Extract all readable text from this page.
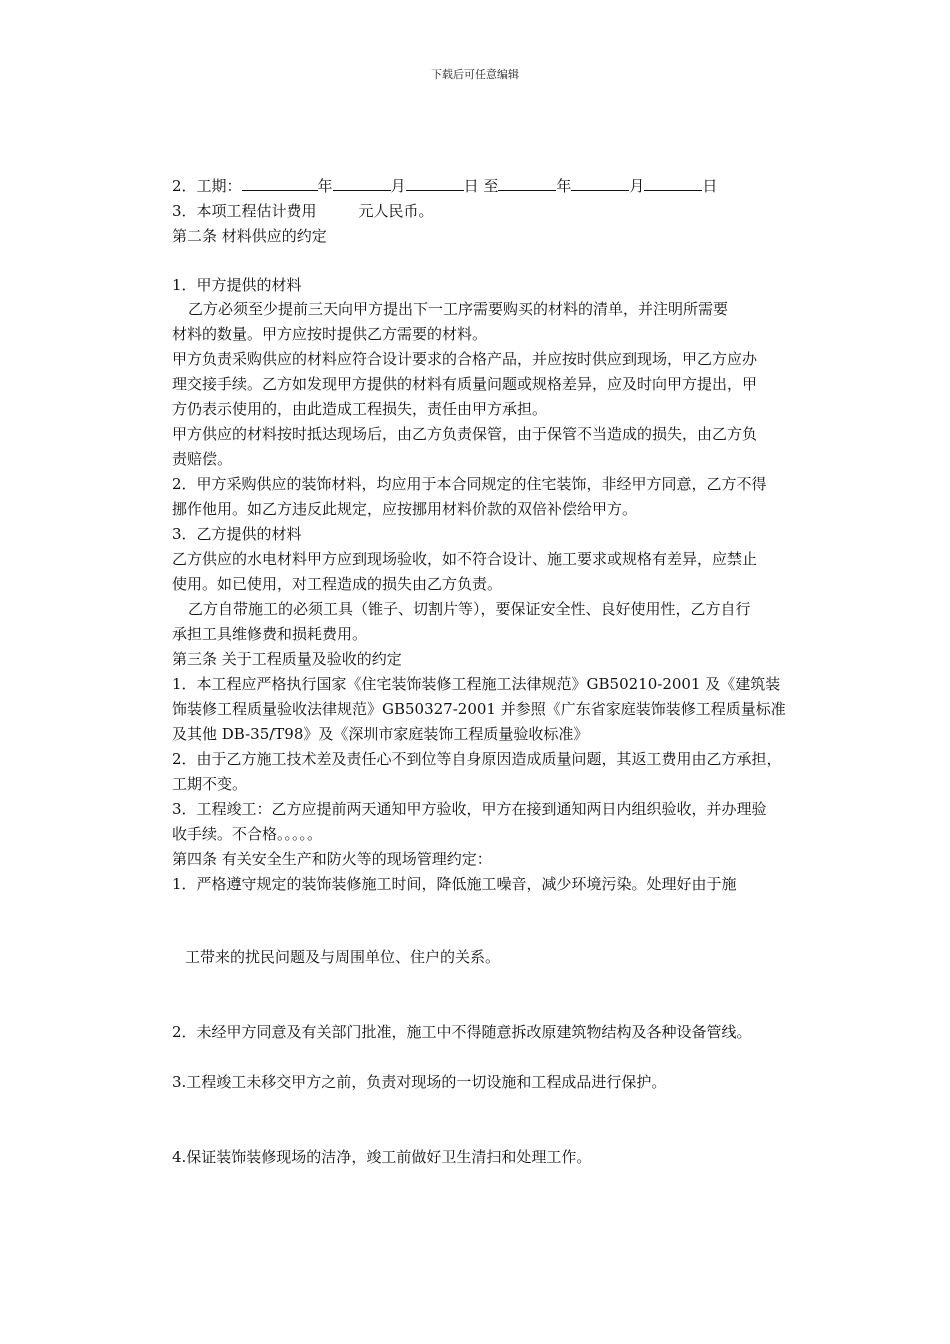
下载后可任意编辑
2．工期：	年	月	日 至	年	月	日
3．本项工程估计费用	元人民币。
第二条 材料供应的约定
1．甲方提供的材料
乙方必须至少提前三天向甲方提出下一工序需要购买的材料的清单，并注明所需要
材料的数量。甲方应按时提供乙方需要的材料。
甲方负责采购供应的材料应符合设计要求的合格产品，并应按时供应到现场，甲乙方应办
理交接手续。乙方如发现甲方提供的材料有质量问题或规格差异，应及时向甲方提出，甲
方仍表示使用的，由此造成工程损失，责任由甲方承担。
甲方供应的材料按时抵达现场后，由乙方负责保管，由于保管不当造成的损失，由乙方负
责赔偿。
2．甲方采购供应的装饰材料，均应用于本合同规定的住宅装饰，非经甲方同意，乙方不得
挪作他用。如乙方违反此规定，应按挪用材料价款的双倍补偿给甲方。
3．乙方提供的材料
乙方供应的水电材料甲方应到现场验收，如不符合设计、施工要求或规格有差异，应禁止
使用。如已使用，对工程造成的损失由乙方负责。
乙方自带施工的必须工具（锥子、切割片等），要保证安全性、良好使用性，乙方自行
承担工具维修费和损耗费用。
第三条 关于工程质量及验收的约定
1．本工程应严格执行国家《住宅装饰装修工程施工法律规范》GB50210-2001 及《建筑装
饰装修工程质量验收法律规范》GB50327-2001 并参照《广东省家庭装饰装修工程质量标准
及其他 DB-35/T98》及《深圳市家庭装饰工程质量验收标准》
2．由于乙方施工技术差及责任心不到位等自身原因造成质量问题，其返工费用由乙方承担，
工期不变。
3．工程竣工：乙方应提前两天通知甲方验收，甲方在接到通知两日内组织验收，并办理验
收手续。不合格。。。。。
第四条 有关安全生产和防火等的现场管理约定：
1．严格遵守规定的装饰装修施工时间，降低施工噪音，减少环境污染。处理好由于施
工带来的扰民问题及与周围单位、住户的关系。
2．未经甲方同意及有关部门批准，施工中不得随意拆改原建筑物结构及各种设备管线。
3.工程竣工未移交甲方之前，负责对现场的一切设施和工程成品进行保护。
4.保证装饰装修现场的洁净，竣工前做好卫生清扫和处理工作。
